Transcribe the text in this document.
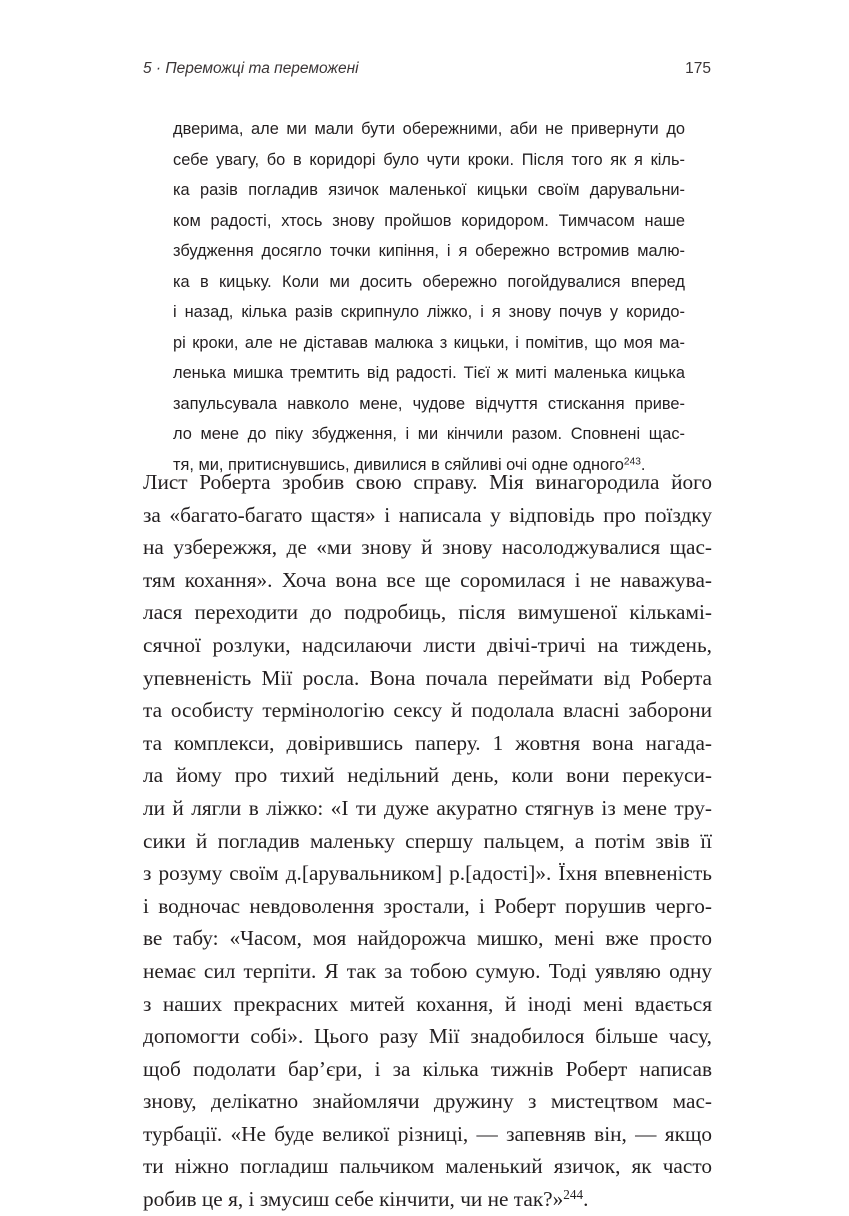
5 · Переможці та переможені	175
дверима, але ми мали бути обережними, аби не привернути до
себе увагу, бо в коридорі було чути кроки. Після того як я кіль-
ка разів погладив язичок маленької кицьки своїм дарувальни-
ком радості, хтось знову пройшов коридором. Тимчасом наше
збудження досягло точки кипіння, і я обережно встромив малю-
ка в кицьку. Коли ми досить обережно погойдувалися вперед
і назад, кілька разів скрипнуло ліжко, і я знову почув у коридо-
рі кроки, але не діставав малюка з кицьки, і помітив, що моя ма-
ленька мишка тремтить від радості. Тієї ж миті маленька кицька
запульсувала навколо мене, чудове відчуття стискання приве-
ло мене до піку збудження, і ми кінчили разом. Сповнені щас-
тя, ми, притиснувшись, дивилися в сяйливі очі одне одного$^{243}$.
Лист Роберта зробив свою справу. Мія винагородила його
за «багато-багато щастя» і написала у відповідь про поїздку
на узбережжя, де «ми знову й знову насолоджувалися щас-
тям кохання». Хоча вона все ще соромилася і не наважува-
лася переходити до подробиць, після вимушеної кількамі-
сячної розлуки, надсилаючи листи двічі-тричі на тиждень,
упевненість Мії росла. Вона почала переймати від Роберта
та особисту термінологію сексу й подолала власні заборони
та комплекси, довірившись паперу. 1 жовтня вона нагада-
ла йому про тихий недільний день, коли вони перекуси-
ли й лягли в ліжко: «І ти дуже акуратно стягнув із мене тру-
сики й погладив маленьку спершу пальцем, а потім звів її
з розуму своїм д.[арувальником] р.[адості]». Їхня впевненість
і водночас невдоволення зростали, і Роберт порушив черго-
ве табу: «Часом, моя найдорожча мишко, мені вже просто
немає сил терпіти. Я так за тобою сумую. Тоді уявляю одну
з наших прекрасних митей кохання, й іноді мені вдається
допомогти собі». Цього разу Мії знадобилося більше часу,
щоб подолати бар’єри, і за кілька тижнів Роберт написав
знову, делікатно знайомлячи дружину з мистецтвом мас-
турбації. «Не буде великої різниці, — запевняв він, — якщо
ти ніжно погладиш пальчиком маленький язичок, як часто
робив це я, і змусиш себе кінчити, чи не так?»$^{244}$.
